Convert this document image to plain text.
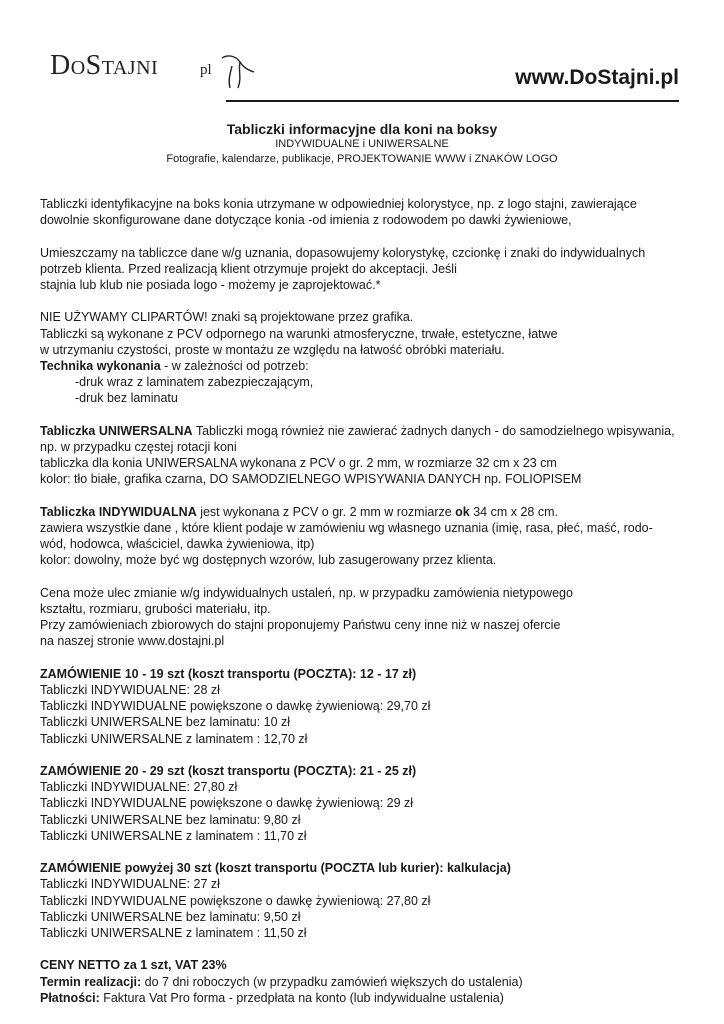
DoStajni	pl	www.DoStajni.pl
Tabliczki informacyjne dla koni na boksy
INDYWIDUALNE i UNIWERSALNE
Fotografie, kalendarze, publikacje, PROJEKTOWANIE WWW i ZNAKÓW LOGO
Tabliczki identyfikacyjne na boks konia utrzymane w odpowiedniej kolorystyce, np. z logo stajni, zawierające
dowolnie skonfigurowane dane dotyczące konia -od imienia z rodowodem po dawki żywieniowe,
Umieszczamy na tabliczce dane w/g uznania, dopasowujemy kolorystykę, czcionkę i znaki do indywidualnych
potrzeb klienta. Przed realizacją klient otrzymuje projekt do akceptacji. Jeśli
stajnia lub klub nie posiada logo - możemy je zaprojektować.*
NIE UŻYWAMY CLIPARTÓW! znaki są projektowane przez grafika.
Tabliczki są wykonane z PCV odpornego na warunki atmosferyczne, trwałe, estetyczne, łatwe
w utrzymaniu czystości, proste w montażu ze względu na łatwość obróbki materiału.
Technika wykonania - w zależności od potrzeb:
-druk wraz z laminatem zabezpieczającym,
-druk bez laminatu
Tabliczka UNIWERSALNA Tabliczki mogą również nie zawierać żadnych danych - do samodzielnego wpisywania,
np. w przypadku częstej rotacji koni
tabliczka dla konia UNIWERSALNA wykonana z PCV o gr. 2 mm, w rozmiarze 32 cm x 23 cm
kolor: tło białe, grafika czarna, DO SAMODZIELNEGO WPISYWANIA DANYCH np. FOLIOPISEM
Tabliczka INDYWIDUALNA jest wykonana z PCV o gr. 2 mm w rozmiarze ok 34 cm x 28 cm.
zawiera wszystkie dane , które klient podaje w zamówieniu wg własnego uznania (imię, rasa, płeć, maść, rodo-
wód, hodowca, właściciel, dawka żywieniowa, itp)
kolor: dowolny, może być wg dostępnych wzorów, lub zasugerowany przez klienta.
Cena może ulec zmianie w/g indywidualnych ustaleń, np. w przypadku zamówienia nietypowego
kształtu, rozmiaru, grubości materiału, itp.
Przy zamówieniach zbiorowych do stajni proponujemy Państwu ceny inne niż w naszej ofercie
na naszej stronie www.dostajni.pl
ZAMÓWIENIE 10 - 19 szt (koszt transportu (POCZTA): 12 - 17 zł)
Tabliczki INDYWIDUALNE: 28 zł
Tabliczki INDYWIDUALNE powiększone o dawkę żywieniową: 29,70 zł
Tabliczki UNIWERSALNE bez laminatu: 10 zł
Tabliczki UNIWERSALNE z laminatem : 12,70 zł
ZAMÓWIENIE 20 - 29 szt (koszt transportu (POCZTA): 21 - 25 zł)
Tabliczki INDYWIDUALNE: 27,80 zł
Tabliczki INDYWIDUALNE powiększone o dawkę żywieniową: 29 zł
Tabliczki UNIWERSALNE bez laminatu: 9,80 zł
Tabliczki UNIWERSALNE z laminatem : 11,70 zł
ZAMÓWIENIE powyżej 30 szt (koszt transportu (POCZTA lub kurier): kalkulacja)
Tabliczki INDYWIDUALNE: 27 zł
Tabliczki INDYWIDUALNE powiększone o dawkę żywieniową: 27,80 zł
Tabliczki UNIWERSALNE bez laminatu: 9,50 zł
Tabliczki UNIWERSALNE z laminatem : 11,50 zł
CENY NETTO za 1 szt, VAT 23%
Termin realizacji: do 7 dni roboczych (w przypadku zamówień większych do ustalenia)
Płatności: Faktura Vat Pro forma - przedpłata na konto (lub indywidualne ustalenia)
